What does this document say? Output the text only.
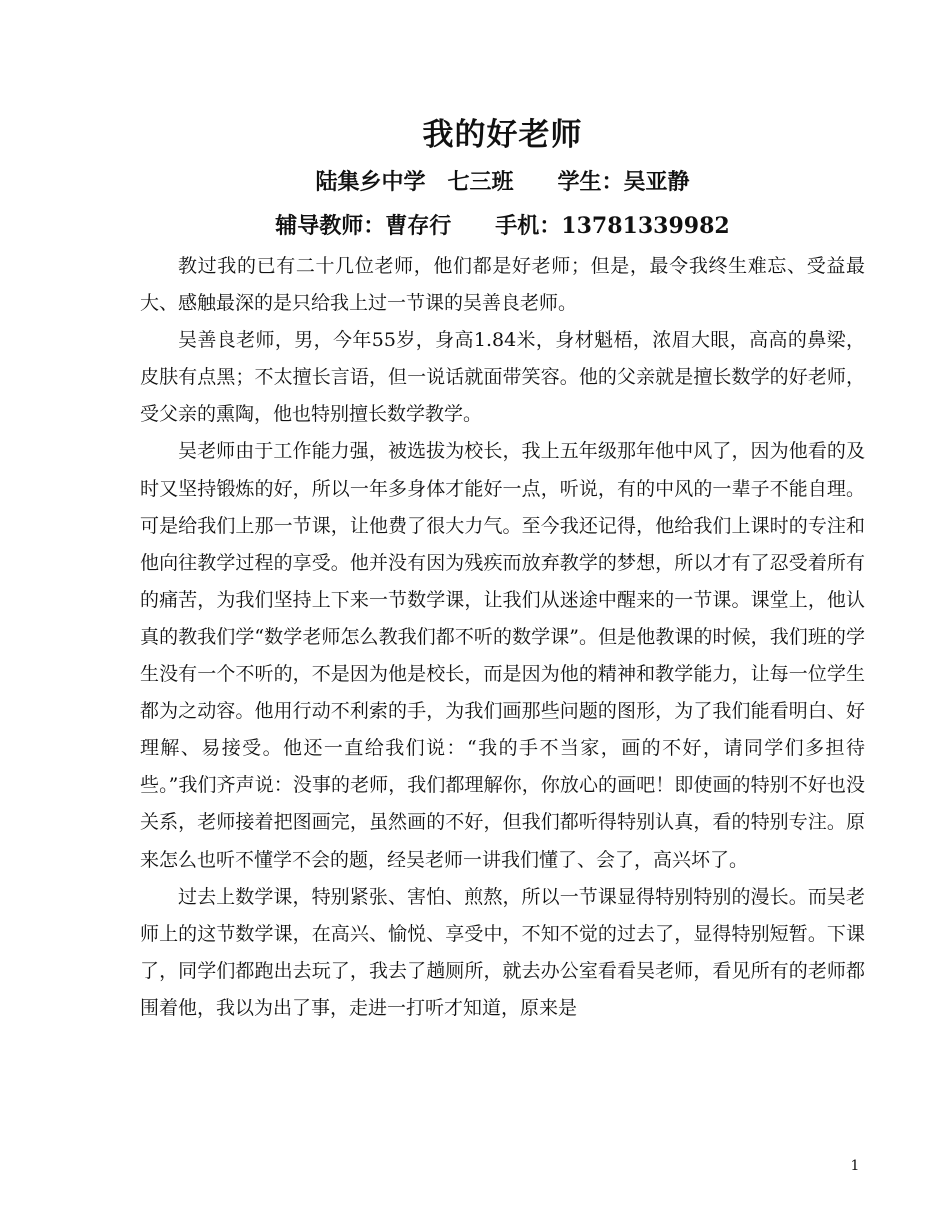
我的好老师

陆集乡中学　七三班　　学生：吴亚静

辅导教师：曹存行　　手机：13781339982

教过我的已有二十几位老师，他们都是好老师；但是，最令我终生难忘、受益最大、感触最深的是只给我上过一节课的吴善良老师。

吴善良老师，男，今年55岁，身高1.84米，身材魁梧，浓眉大眼，高高的鼻梁，皮肤有点黑；不太擅长言语，但一说话就面带笑容。他的父亲就是擅长数学的好老师，受父亲的熏陶，他也特别擅长数学教学。

吴老师由于工作能力强，被选拔为校长，我上五年级那年他中风了，因为他看的及时又坚持锻炼的好，所以一年多身体才能好一点，听说，有的中风的一辈子不能自理。可是给我们上那一节课，让他费了很大力气。至今我还记得，他给我们上课时的专注和他向往教学过程的享受。他并没有因为残疾而放弃教学的梦想，所以才有了忍受着所有的痛苦，为我们坚持上下来一节数学课，让我们从迷途中醒来的一节课。课堂上，他认真的教我们学“数学老师怎么教我们都不听的数学课”。但是他教课的时候，我们班的学生没有一个不听的，不是因为他是校长，而是因为他的精神和教学能力，让每一位学生都为之动容。他用行动不利索的手，为我们画那些问题的图形，为了我们能看明白、好理解、易接受。他还一直给我们说：“我的手不当家，画的不好，请同学们多担待些。”我们齐声说：没事的老师，我们都理解你，你放心的画吧！即使画的特别不好也没关系，老师接着把图画完，虽然画的不好，但我们都听得特别认真，看的特别专注。原来怎么也听不懂学不会的题，经吴老师一讲我们懂了、会了，高兴坏了。

过去上数学课，特别紧张、害怕、煎熬，所以一节课显得特别特别的漫长。而吴老师上的这节数学课，在高兴、愉悦、享受中，不知不觉的过去了，显得特别短暂。下课了，同学们都跑出去玩了，我去了趟厕所，就去办公室看看吴老师，看见所有的老师都围着他，我以为出了事，走进一打听才知道，原来是

1
